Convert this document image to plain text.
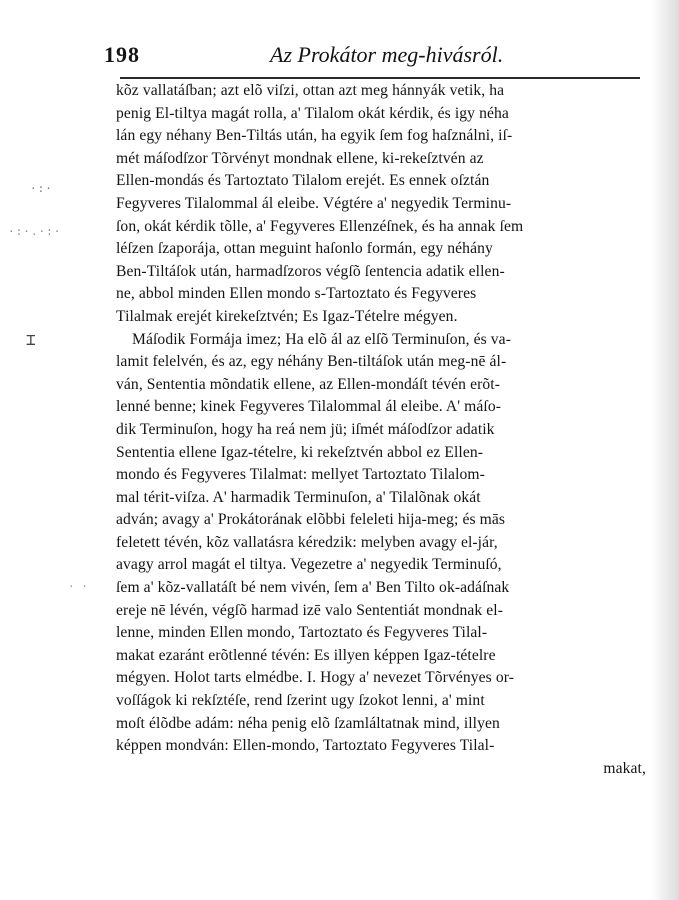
198	Az Prokátor meg-hivásról.
·:·
·:·.·:·
⌶
· ·
kõz vallatáſban; azt elõ viſzi, ottan azt meg hánnyák vetik, ha
penig El-tiltya magát rolla, a' Tilalom okát kérdik, és igy néha
lán egy néhany Ben-Tiltás után, ha egyik ſem fog haſználni, iſ-
mét máſodſzor Tõrvényt mondnak ellene, ki-rekeſztvén az
Ellen-mondás és Tartoztato Tilalom erejét. Es ennek oſztán
Fegyveres Tilalommal ál eleibe. Végtére a' negyedik Terminu-
ſon, okát kérdik tõlle, a' Fegyveres Ellenzéſnek, és ha annak ſem
léſzen ſzaporája, ottan meguint haſonlo formán, egy néhány
Ben-Tiltáſok után, harmadſzoros végſõ ſentencia adatik ellen-
ne, abbol minden Ellen mondo s-Tartoztato és Fegyveres
Tilalmak erejét kirekeſztvén; Es Igaz-Tételre mégyen.
Máſodik Formája imez; Ha elõ ál az elſõ Terminuſon, és va-
lamit felelvén, és az, egy néhány Ben-tiltáſok után meg-nē ál-
ván, Sententia mõndatik ellene, az Ellen-mondáſt tévén erõt-
lenné benne; kinek Fegyveres Tilalommal ál eleibe. A' máſo-
dik Terminuſon, hogy ha reá nem jü; iſmét máſodſzor adatik
Sententia ellene Igaz-tételre, ki rekeſztvén abbol ez Ellen-
mondo és Fegyveres Tilalmat: mellyet Tartoztato Tilalom-
mal térit-viſza. A' harmadik Terminuſon, a' Tilalõnak okát
adván; avagy a' Prokátorának elõbbi feleleti hija-meg; és mās
feletett tévén, kõz vallatásra kéredzik: melyben avagy el-jár,
avagy arrol magát el tiltya. Vegezetre a' negyedik Terminuſó,
ſem a' kõz-vallatáſt bé nem vivén, ſem a' Ben Tilto ok-adáſnak
ereje nē lévén, végſõ harmad izē valo Sententiát mondnak el-
lenne, minden Ellen mondo, Tartoztato és Fegyveres Tilal-
makat ezaránt erõtlenné tévén: Es illyen képpen Igaz-tételre
mégyen. Holot tarts elmédbe. I. Hogy a' nevezet Tõrvényes or-
voſſágok ki rekſztéſe, rend ſzerint ugy ſzokot lenni, a' mint
moſt élõdbe adám: néha penig elõ ſzamláltatnak mind, illyen
képpen mondván: Ellen-mondo, Tartoztato Fegyveres Tilal-
makat,
